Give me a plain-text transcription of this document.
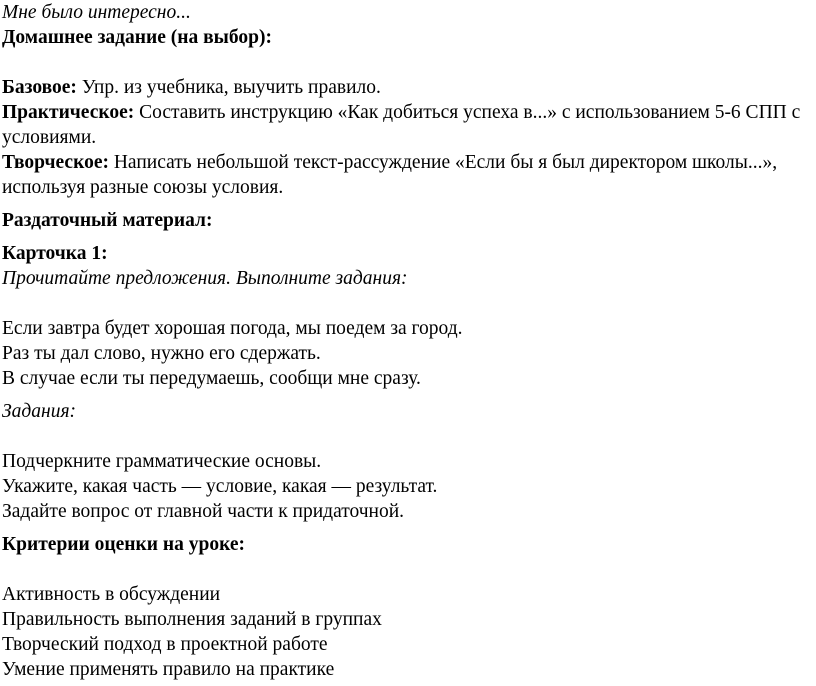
Мне было интересно...

Домашнее задание (на выбор):

Базовое: Упр. из учебника, выучить правило.

Практическое: Составить инструкцию «Как добиться успеха в...» с использованием 5-6 СПП с условиями.

Творческое: Написать небольшой текст-рассуждение «Если бы я был директором школы...», используя разные союзы условия.

Раздаточный материал:

Карточка 1:

Прочитайте предложения. Выполните задания:

Если завтра будет хорошая погода, мы поедем за город.

Раз ты дал слово, нужно его сдержать.

В случае если ты передумаешь, сообщи мне сразу.

Задания:

Подчеркните грамматические основы.

Укажите, какая часть — условие, какая — результат.

Задайте вопрос от главной части к придаточной.

Критерии оценки на уроке:

Активность в обсуждении

Правильность выполнения заданий в группах

Творческий подход в проектной работе

Умение применять правило на практике
